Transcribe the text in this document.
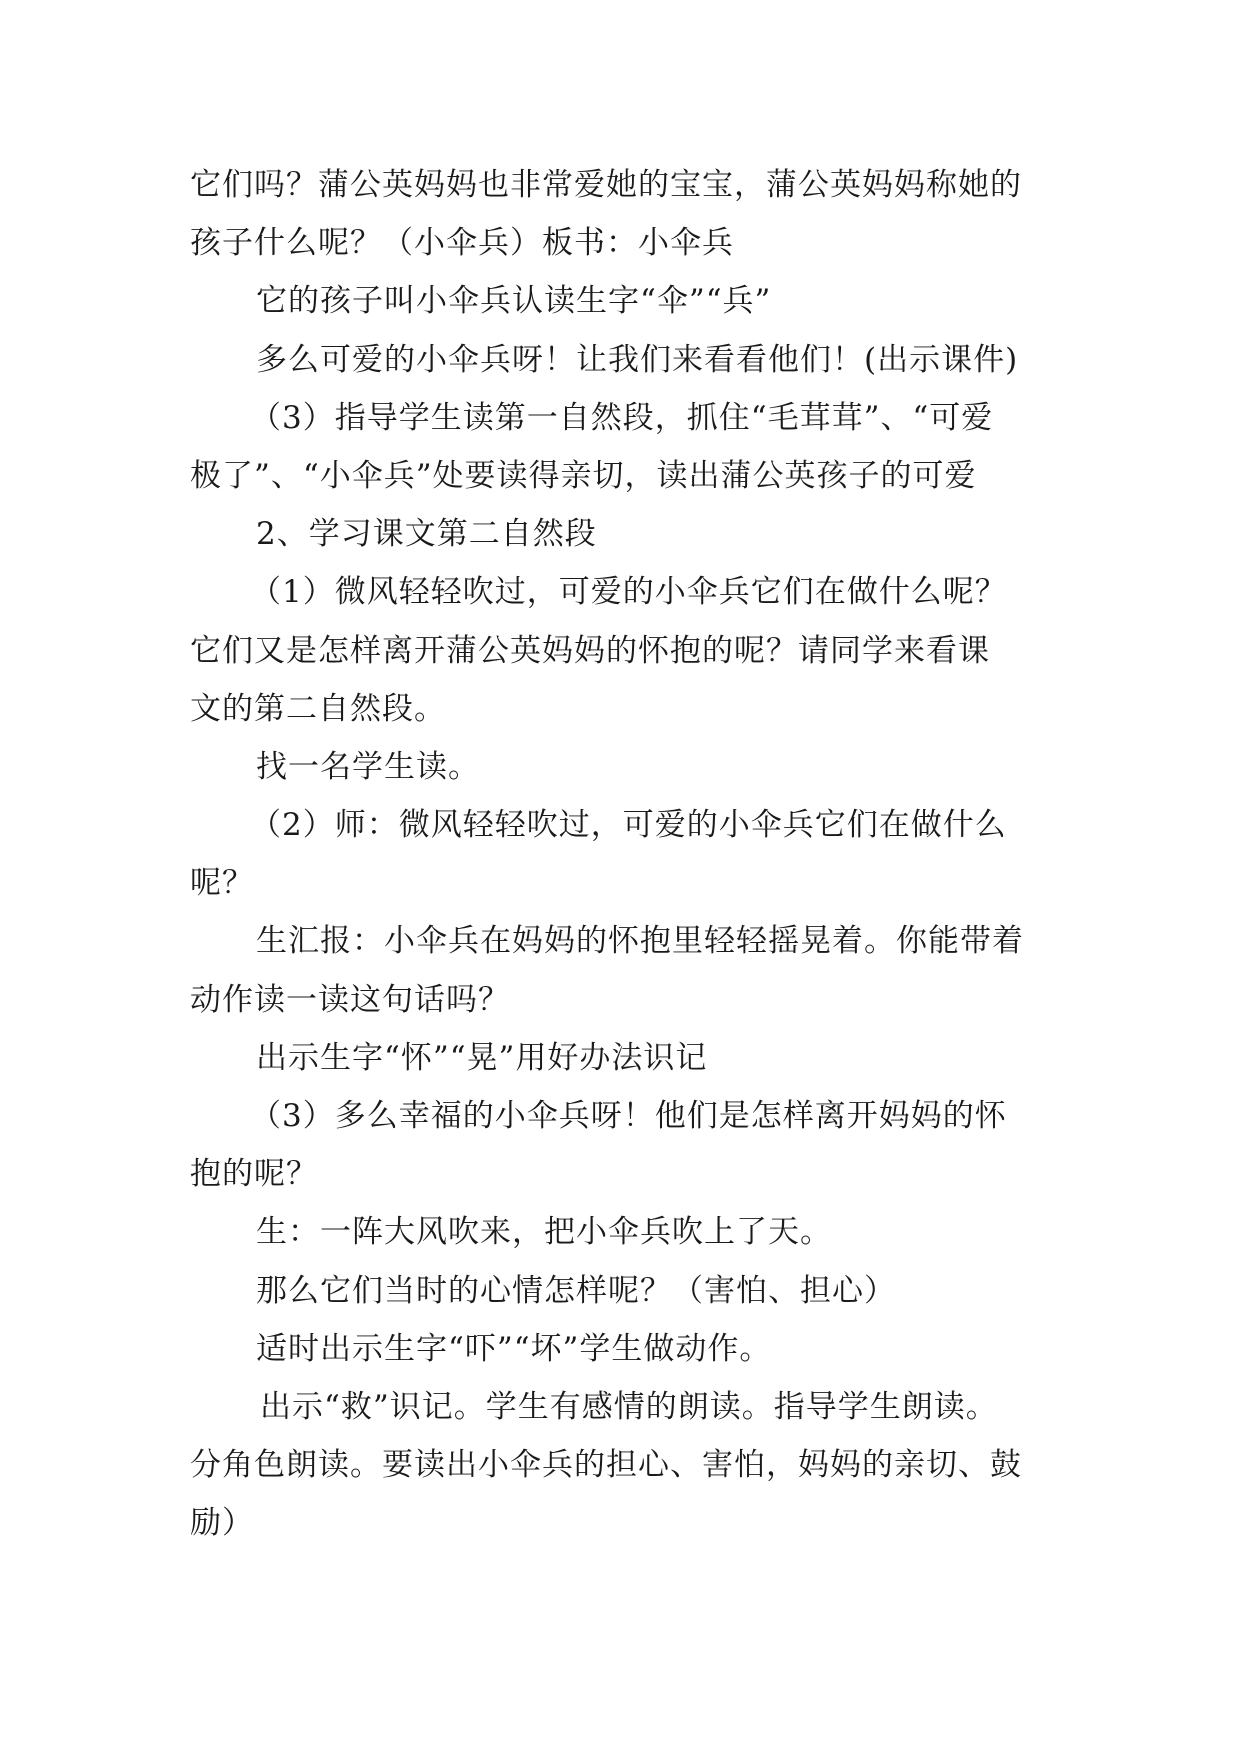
它们吗？蒲公英妈妈也非常爱她的宝宝，蒲公英妈妈称她的
孩子什么呢？（小伞兵）板书：小伞兵
它的孩子叫小伞兵认读生字“伞”“兵”
多么可爱的小伞兵呀！让我们来看看他们！(出示课件)
（3）指导学生读第一自然段，抓住“毛茸茸”、“可爱
极了”、“小伞兵”处要读得亲切，读出蒲公英孩子的可爱
2、学习课文第二自然段
（1）微风轻轻吹过，可爱的小伞兵它们在做什么呢？
它们又是怎样离开蒲公英妈妈的怀抱的呢？请同学来看课
文的第二自然段。
找一名学生读。
（2）师：微风轻轻吹过，可爱的小伞兵它们在做什么
呢？
生汇报：小伞兵在妈妈的怀抱里轻轻摇晃着。你能带着
动作读一读这句话吗？
出示生字“怀”“晃”用好办法识记
（3）多么幸福的小伞兵呀！他们是怎样离开妈妈的怀
抱的呢？
生：一阵大风吹来，把小伞兵吹上了天。
那么它们当时的心情怎样呢？（害怕、担心）
适时出示生字“吓”“坏”学生做动作。
出示“救”识记。学生有感情的朗读。指导学生朗读。
分角色朗读。要读出小伞兵的担心、害怕，妈妈的亲切、鼓
励）
